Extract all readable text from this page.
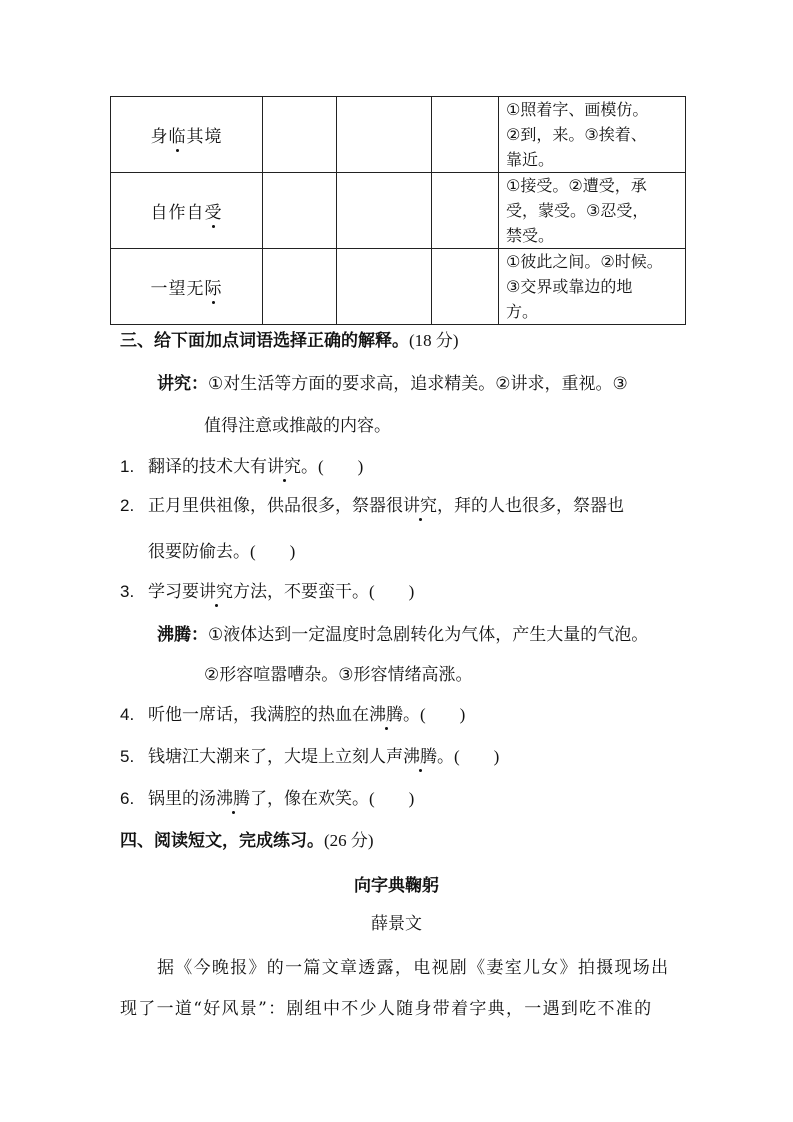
身临其境				①照着字、画模仿。
②到，来。③挨着、
靠近。

自作自受				①接受。②遭受，承
受，蒙受。③忍受，
禁受。

一望无际				①彼此之间。②时候。
③交界或靠边的地
方。
三、给下面加点词语选择正确的解释。(18 分)
讲究：①对生活等方面的要求高，追求精美。②讲求，重视。③
值得注意或推敲的内容。
1. 翻译的技术大有讲究。(　　)
2. 正月里供祖像，供品很多，祭器很讲究，拜的人也很多，祭器也
很要防偷去。(　　)
3. 学习要讲究方法，不要蛮干。(　　)
沸腾：①液体达到一定温度时急剧转化为气体，产生大量的气泡。
②形容喧嚣嘈杂。③形容情绪高涨。
4. 听他一席话，我满腔的热血在沸腾。(　　)
5. 钱塘江大潮来了，大堤上立刻人声沸腾。(　　)
6. 锅里的汤沸腾了，像在欢笑。(　　)
四、阅读短文，完成练习。(26 分)
向字典鞠躬
薛景文
据《今晚报》的一篇文章透露，电视剧《妻室儿女》拍摄现场出
现了一道“好风景”：剧组中不少人随身带着字典，一遇到吃不准的
